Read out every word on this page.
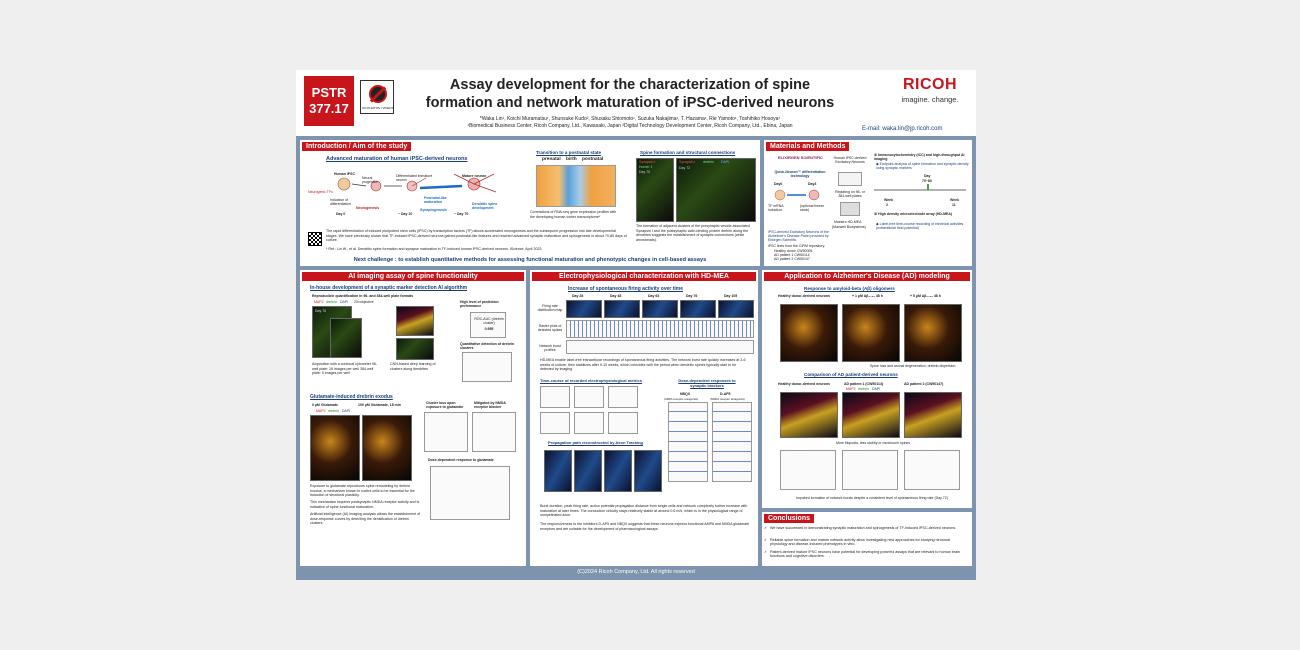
PSTR
377.17	NO PHOTOS / VIDEOS
Assay development for the characterization of spine
formation and network maturation of iPSC-derived neurons
*Waka Lin¹, Koichi Muramatsu¹, Shunsuke Kudo², Shusaku Shiomoto¹, Suzuka Nakajima¹, T. Hazama¹, Rie Yamoto¹, Toshihiko Hosoya¹
¹Biomedical Business Center, Ricoh Company, Ltd., Kawasaki, Japan ²Digital Technology Development Center, Ricoh Company, Ltd., Ebina, Japan
RICOH
imagine. change.
E-mail: waka.lin@jp.ricoh.com
Introduction / Aim of the study
Advanced maturation of human iPSC-derived neurons
Human iPSC
Neurogenic TFs
Induction of differentiation
Day 0
Neural progenitor
Neurogenesis
Differentiated immature neuron
~ Day 10
Postnatal-like maturation
Synaptogenesis
Mature neuron
Dendritic spine development
~ Day 70
Transition to a postnatal state
prenatal birth postnatal
Correlations of RNA-seq gene expression profiles with the developing human cortex transcriptome*
Spine formation and structural connections
Synapsin I
Homer 1
Day 70
Synapsin I drebrin DAPI
Day 72
The formation of adjacent clusters of the presynaptic vesicle-associated Synapsin I and the postsynaptic actin-binding protein drebrin along the dendrites suggests the establishment of synaptic connections (white arrowheads).
The rapid differentiation of induced pluripotent stem cells (iPSC) by transcription factors (TF) allows accelerated neurogenesis and the subsequent progression into late developmental stages. We have previously shown that TF-induced iPSC-derived neurons gained postnatal-like features and reached advanced synaptic maturation and spinogenesis in about 70-80 days of culture.
* Ref.: Lin W., et al. Dendritic spine formation and synapse maturation in TF-induced human iPSC-derived neurons. iScience, April 2023
Next challenge : to establish quantitative methods for assessing functional maturation and phenotypic changes in cell-based assays
Materials and Methods
ELIXIRGEN SCIENTIFIC
Quick-Neuron™ differentiation technology
Day0	Day3
TF mRNA induction
(optional freeze stock)
Human iPSC-derived Excitatory Neurons
Replating on 96- or 384-well plates
Maestro HD-MEA
(Maxwell Biosystems)
① Immunocytochemistry (ICC) and high-throughput AI imaging
◆ Endpoint analysis of spine formation and synaptic density using synaptic markers
Day
70~80
Week
2
Week
11
② High density microelectrode array (HD-MEA)
◆ Label-free time-course recording of electrical activities (extracellular field potential)
iPSC-derived Excitatory Neurons of the Alzheimer's Disease Panel provided by Elixirgen Scientific
iPSC lines from the CIRM repository:
Healthy donor CW50005
AD patient 1 CW50114
AD patient 2 CW50147
AI imaging assay of spine functionality
In-house development of a synaptic marker detection AI algorithm
Reproducible quantification in 96- and 384-well plate formats
MAP2 drebrin DAPI 20×objective
Day 70
Acquisition with a confocal cytometer 96-well plate: 16 images per well 384-well plate: 9 images per well
CNN-based deep learning of clusters along dendrites
High level of prediction performance
ROC-AUC (drebrin cluster)
0.955
Quantitative detection of drebrin clusters
Glutamate-induced drebrin exodus
0 µM Glutamate	100 µM Glutamate, 18 min
MAP2 drebrin DAPI
Cluster loss upon exposure to glutamate
Mitigated by NMDA receptor blocker
Dose-dependent response to glutamate
Exposure to glutamate reproduces spine remodeling by drebrin exodus, a mechanism known in rodent cells to be essential for the induction of structural plasticity.
This mechanism requires postsynaptic NMDA receptor activity and is indicative of spine functional maturation.
Artificial intelligence (AI) imaging analysis allows the establishment of dose-response curves by detecting the densification of drebrin clusters.
Electrophysiological characterization with HD-MEA
Increase of spontaneous firing activity over time
Day 28	Day 48	Day 63	Day 76	Day 105
Firing rate distribution map
Raster plots of detected spikes
Network burst profiles
HD-MEA enable label-free extracellular recordings of spontaneous firing activities. The network burst rate quickly increases at 3-6 weeks of culture, then stabilizes after 9-10 weeks, which coincides with the period when dendritic spines typically start to be detected by imaging.
Time-course of recorded electrophysiological metrics	Dose-dependent responses to synaptic blockers
NBQX	D-AP5
(AMPA receptor antagonist)	(NMDA receptor antagonist)
Propagation path reconstructed by Axon Tracking
Burst duration, peak firing rate, action potential propagation distance from single cells and network complexity further increase with maturation at later times. The conduction velocity stays relatively stable at around 0.6 m/s, which is in the physiological range of unmyelinated axon.
The responsiveness to the inhibitors D-AP5 and NBQX suggests that these neurons express functional AMPA and NMDA glutamate receptors and are suitable for the development of pharmacological assays.
Application to Alzheimer's Disease (AD) modeling
Response to amyloid-beta (Aβ) oligomers
Healthy donor-derived neurons	+ 1 µM Aβ₁₋₄₂ 48 h	+ 5 µM Aβ₁₋₄₂ 48 h
Spine loss and axonal degeneration, drebrin dispersion
Comparison of AD patient-derived neurons
Healthy donor-derived neurons	AD patient 1 (CW50114)	AD patient 2 (CW50147)
MAP2 drebrin DAPI
More filopodia, less stubby or mushroom spines
Impaired formation of network bursts despite a consistent level of spontaneous firing rate (Day 72)
Conclusions
✓ We have succeeded in demonstrating synaptic maturation and spinogenesis of TF-induced iPSC-derived neurons.
✓ Reliable spine formation and mature network activity allow investigating new approaches for studying neuronal physiology and disease-induced phenotypes in vitro.
✓ Patient-derived mature iPSC neurons have potential for developing powerful assays that are relevant to human brain functions and cognitive disorders.
(C)2024 Ricoh Company, Ltd. All rights reserved
